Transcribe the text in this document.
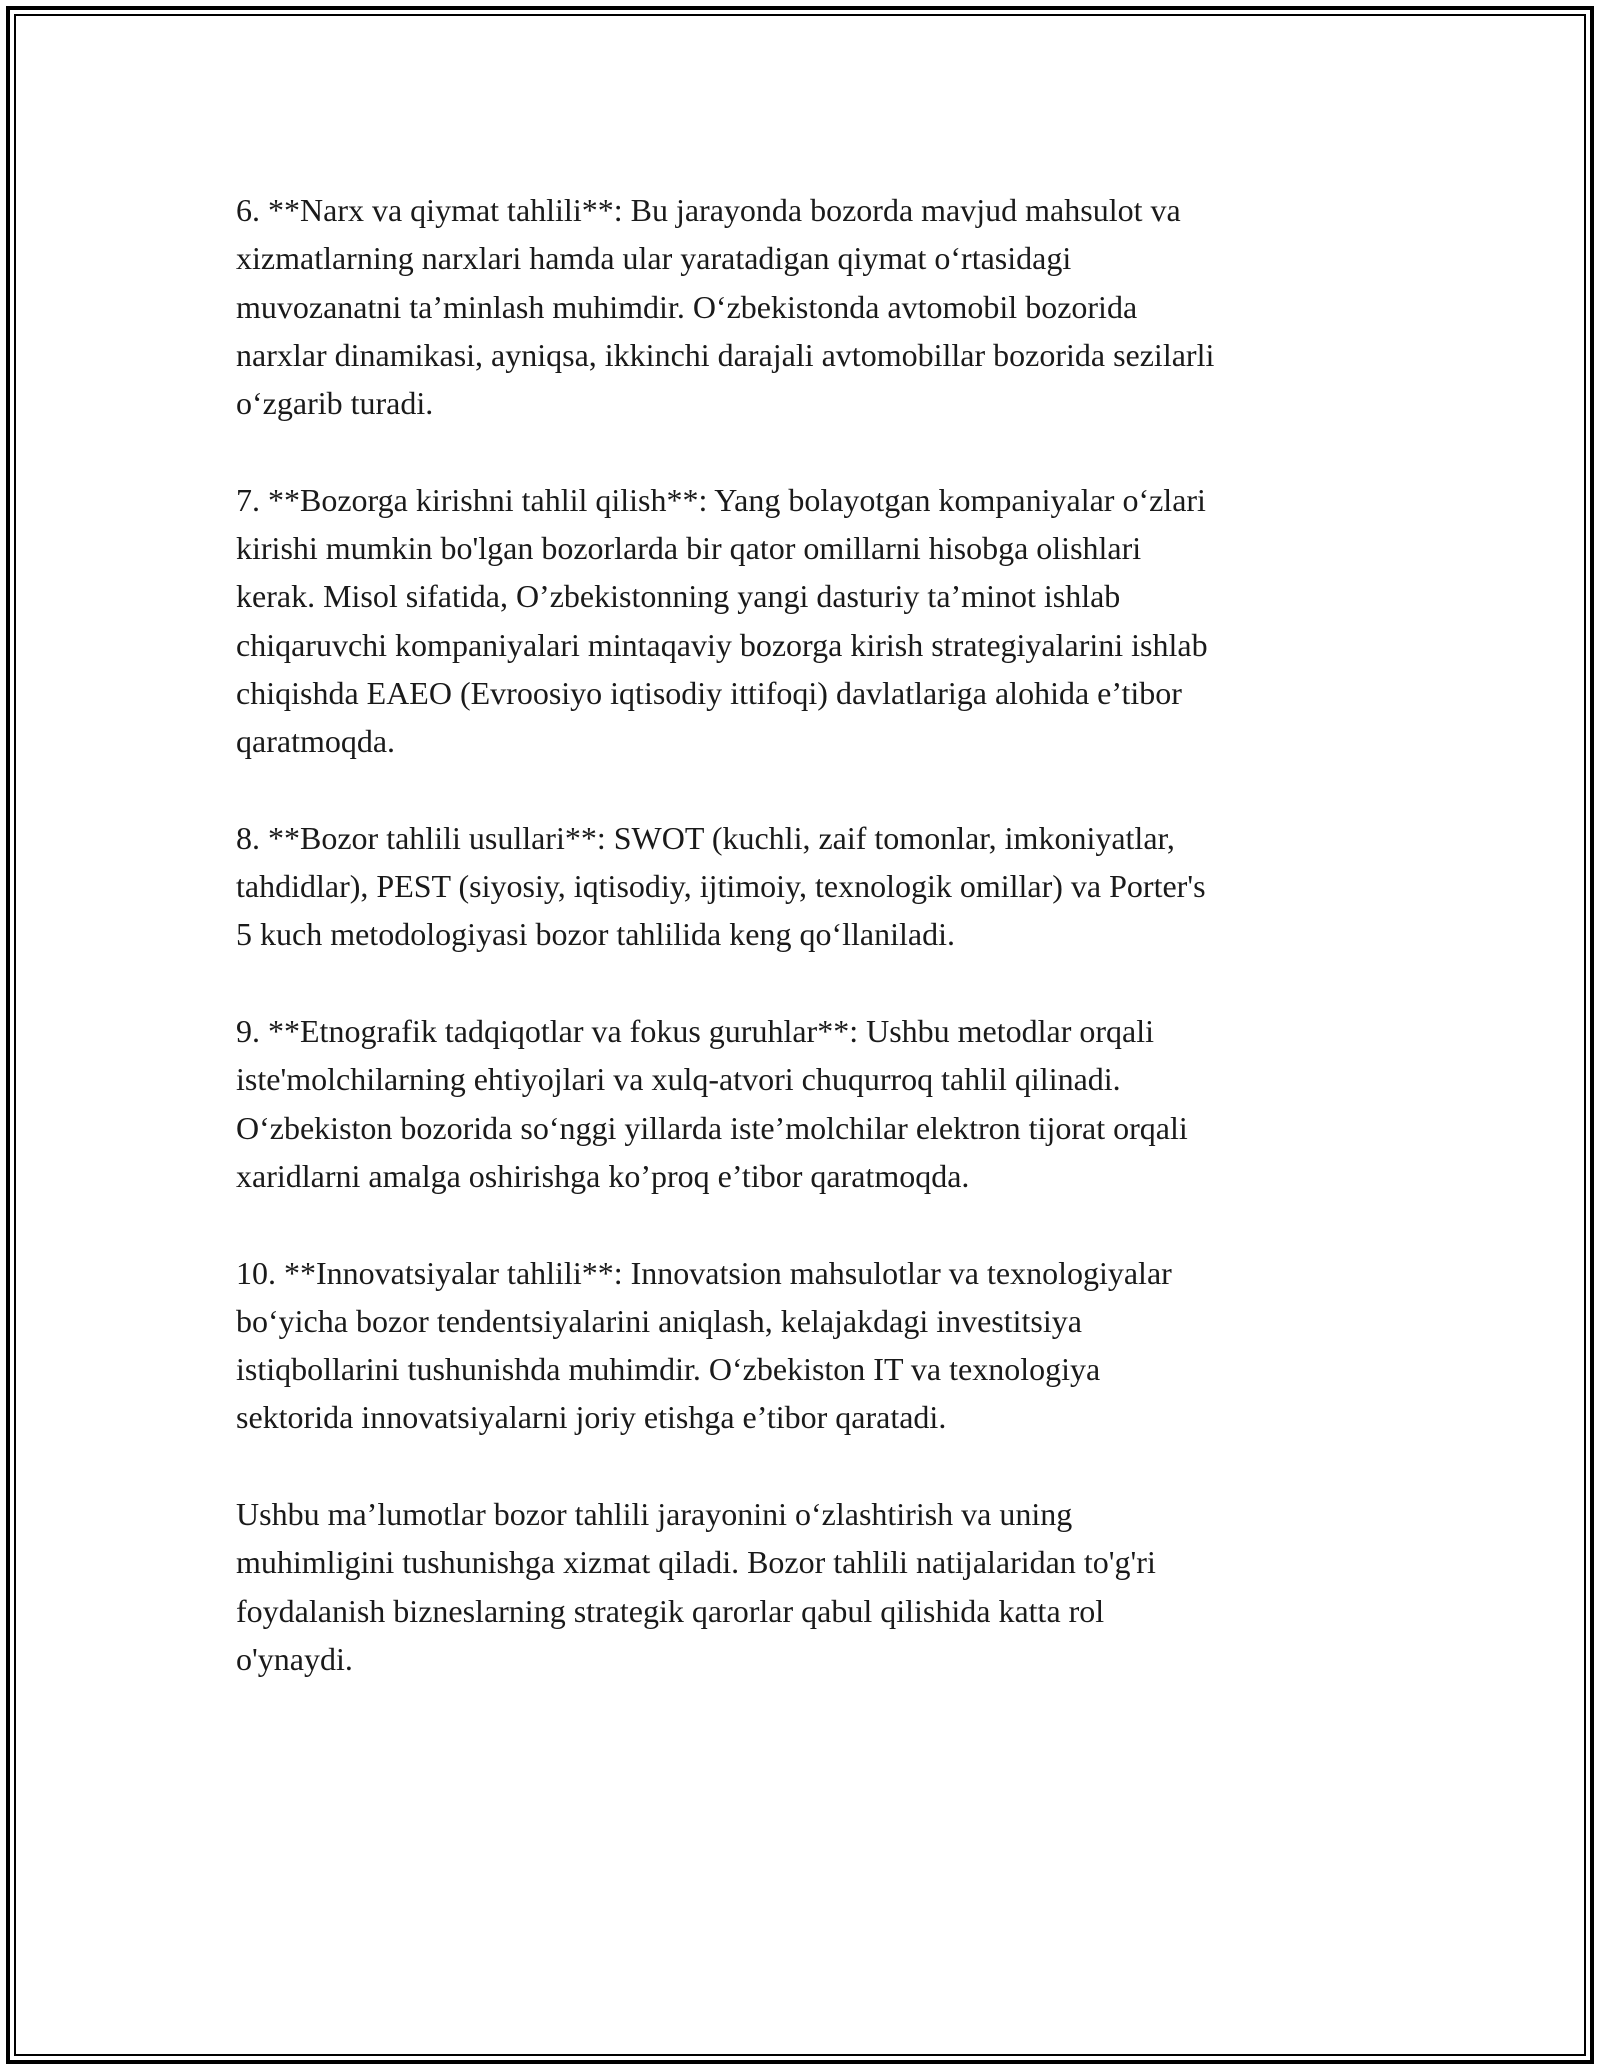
6. **Narx va qiymat tahlili**: Bu jarayonda bozorda mavjud mahsulot va
xizmatlarning narxlari hamda ular yaratadigan qiymat o‘rtasidagi
muvozanatni ta’minlash muhimdir. O‘zbekistonda avtomobil bozorida
narxlar dinamikasi, ayniqsa, ikkinchi darajali avtomobillar bozorida sezilarli
o‘zgarib turadi.
7. **Bozorga kirishni tahlil qilish**: Yang bolayotgan kompaniyalar o‘zlari
kirishi mumkin bo'lgan bozorlarda bir qator omillarni hisobga olishlari
kerak. Misol sifatida, O’zbekistonning yangi dasturiy ta’minot ishlab
chiqaruvchi kompaniyalari mintaqaviy bozorga kirish strategiyalarini ishlab
chiqishda EAEO (Evroosiyo iqtisodiy ittifoqi) davlatlariga alohida e’tibor
qaratmoqda.
8. **Bozor tahlili usullari**: SWOT (kuchli, zaif tomonlar, imkoniyatlar,
tahdidlar), PEST (siyosiy, iqtisodiy, ijtimoiy, texnologik omillar) va Porter's
5 kuch metodologiyasi bozor tahlilida keng qo‘llaniladi.
9. **Etnografik tadqiqotlar va fokus guruhlar**: Ushbu metodlar orqali
iste'molchilarning ehtiyojlari va xulq-atvori chuqurroq tahlil qilinadi.
O‘zbekiston bozorida so‘nggi yillarda iste’molchilar elektron tijorat orqali
xaridlarni amalga oshirishga ko’proq e’tibor qaratmoqda.
10. **Innovatsiyalar tahlili**: Innovatsion mahsulotlar va texnologiyalar
bo‘yicha bozor tendentsiyalarini aniqlash, kelajakdagi investitsiya
istiqbollarini tushunishda muhimdir. O‘zbekiston IT va texnologiya
sektorida innovatsiyalarni joriy etishga e’tibor qaratadi.
Ushbu ma’lumotlar bozor tahlili jarayonini o‘zlashtirish va uning
muhimligini tushunishga xizmat qiladi. Bozor tahlili natijalaridan to'g'ri
foydalanish bizneslarning strategik qarorlar qabul qilishida katta rol
o'ynaydi.
